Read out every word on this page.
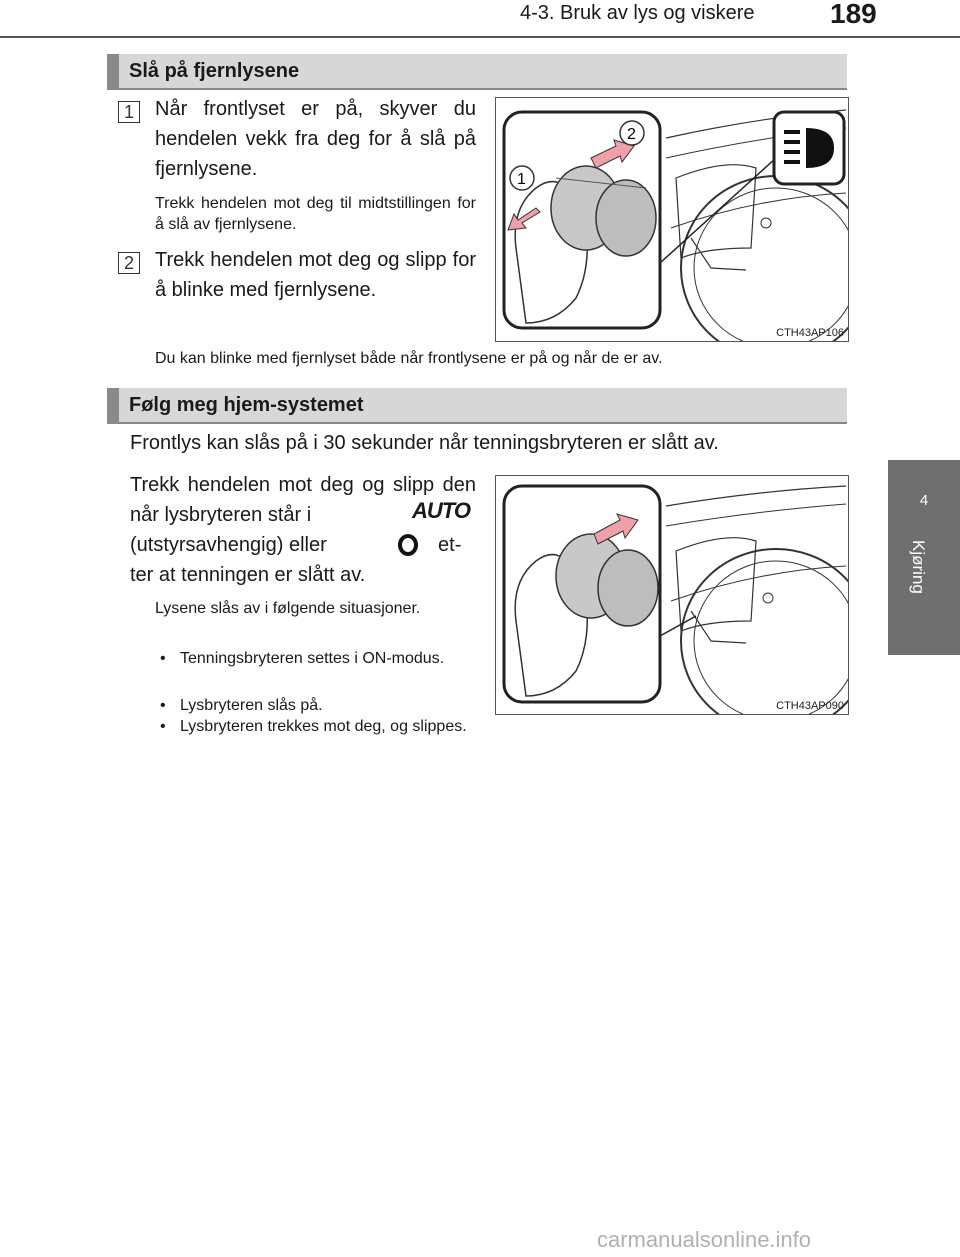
4-3. Bruk av lys og viskere	189
4
Kjøring
Slå på fjernlysene
1	Når frontlyset er på, skyver du hendelen vekk fra deg for å slå på fjernlysene.
Trekk hendelen mot deg til midtstillingen for å slå av fjernlysene.
2	Trekk hendelen mot deg og slipp for å blinke med fjernlysene.
Du kan blinke med fjernlyset både når frontlysene er på og når de er av.
2
1
CTH43AP106
Følg meg hjem-systemet
Frontlys kan slås på i 30 sekunder når tenningsbryteren er slått av.
Trekk hendelen mot deg og slipp den når lysbryteren står i	AUTO
(utstyrsavhengig) eller	etter at tenningen er slått av.
Lysene slås av i følgende situasjoner.
• Tenningsbryteren settes i ON-modus.
• Lysbryteren slås på.
• Lysbryteren trekkes mot deg, og slippes.
CTH43AP090
carmanualsonline.info
